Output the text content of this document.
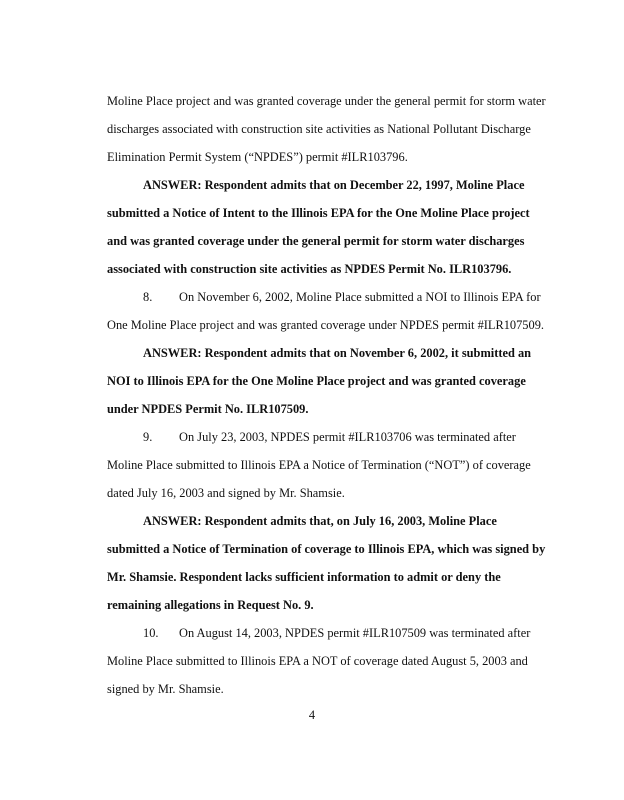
Moline Place project and was granted coverage under the general permit for storm water
discharges associated with construction site activities as National Pollutant Discharge
Elimination Permit System (“NPDES”) permit #ILR103796.
ANSWER: Respondent admits that on December 22, 1997, Moline Place
submitted a Notice of Intent to the Illinois EPA for the One Moline Place project
and was granted coverage under the general permit for storm water discharges
associated with construction site activities as NPDES Permit No. ILR103796.
8. On November 6, 2002, Moline Place submitted a NOI to Illinois EPA for
One Moline Place project and was granted coverage under NPDES permit #ILR107509.
ANSWER: Respondent admits that on November 6, 2002, it submitted an
NOI to Illinois EPA for the One Moline Place project and was granted coverage
under NPDES Permit No. ILR107509.
9. On July 23, 2003, NPDES permit #ILR103706 was terminated after
Moline Place submitted to Illinois EPA a Notice of Termination (“NOT”) of coverage
dated July 16, 2003 and signed by Mr. Shamsie.
ANSWER: Respondent admits that, on July 16, 2003, Moline Place
submitted a Notice of Termination of coverage to Illinois EPA, which was signed by
Mr. Shamsie. Respondent lacks sufficient information to admit or deny the
remaining allegations in Request No. 9.
10. On August 14, 2003, NPDES permit #ILR107509 was terminated after
Moline Place submitted to Illinois EPA a NOT of coverage dated August 5, 2003 and
signed by Mr. Shamsie.
4
